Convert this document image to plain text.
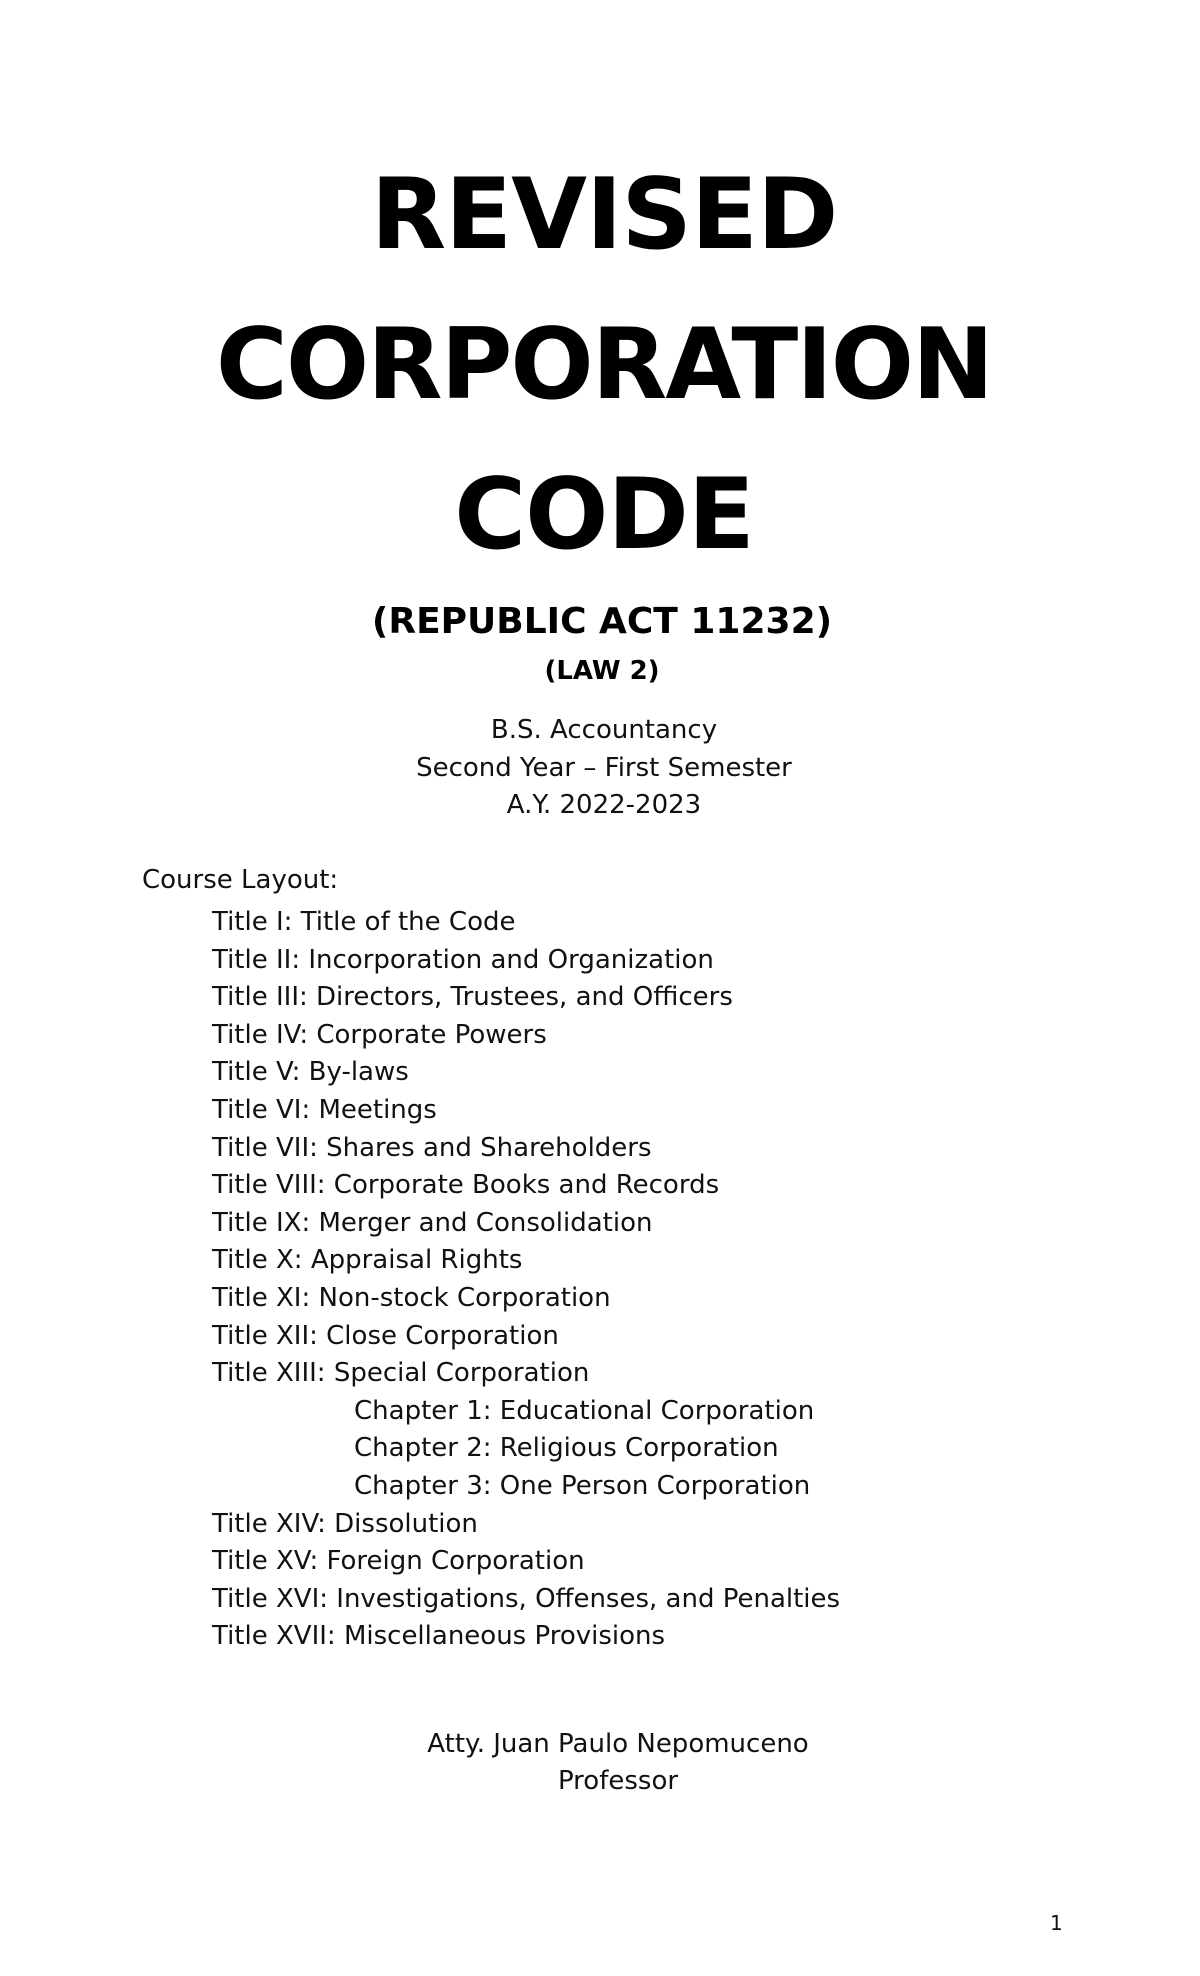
REVISED
CORPORATION
CODE
(REPUBLIC ACT 11232)
(LAW 2)
B.S. Accountancy
Second Year – First Semester
A.Y. 2022-2023
Course Layout:
Title I: Title of the Code
Title II: Incorporation and Organization
Title III: Directors, Trustees, and Officers
Title IV: Corporate Powers
Title V: By-laws
Title VI: Meetings
Title VII: Shares and Shareholders
Title VIII: Corporate Books and Records
Title IX: Merger and Consolidation
Title X: Appraisal Rights
Title XI: Non-stock Corporation
Title XII: Close Corporation
Title XIII: Special Corporation
Chapter 1: Educational Corporation
Chapter 2: Religious Corporation
Chapter 3: One Person Corporation
Title XIV: Dissolution
Title XV: Foreign Corporation
Title XVI: Investigations, Offenses, and Penalties
Title XVII: Miscellaneous Provisions
Atty. Juan Paulo Nepomuceno
Professor
1
